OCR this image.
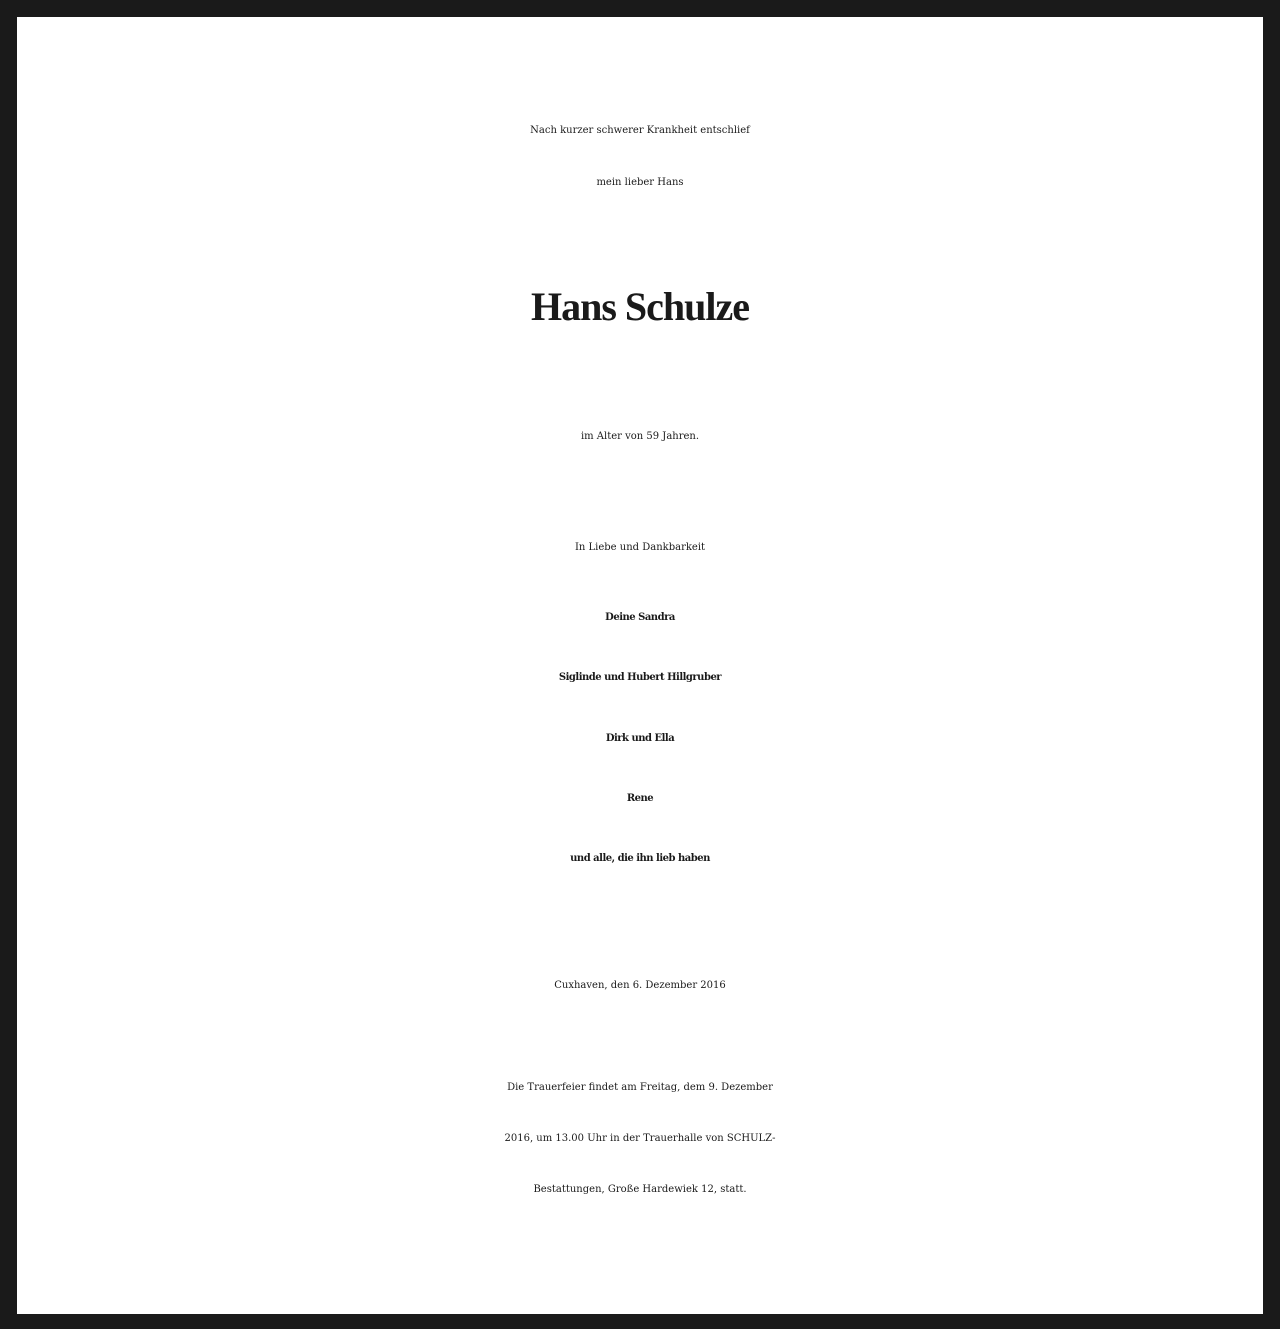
Nach kurzer schwerer Krankheit entschlief
mein lieber Hans
Hans Schulze
im Alter von 59 Jahren.
In Liebe und Dankbarkeit
Deine Sandra
Siglinde und Hubert Hillgruber
Dirk und Ella
Rene
und alle, die ihn lieb haben
Cuxhaven, den 6. Dezember 2016
Die Trauerfeier findet am Freitag, dem 9. Dezember
2016, um 13.00 Uhr in der Trauerhalle von SCHULZ-
Bestattungen, Große Hardewiek 12, statt.
